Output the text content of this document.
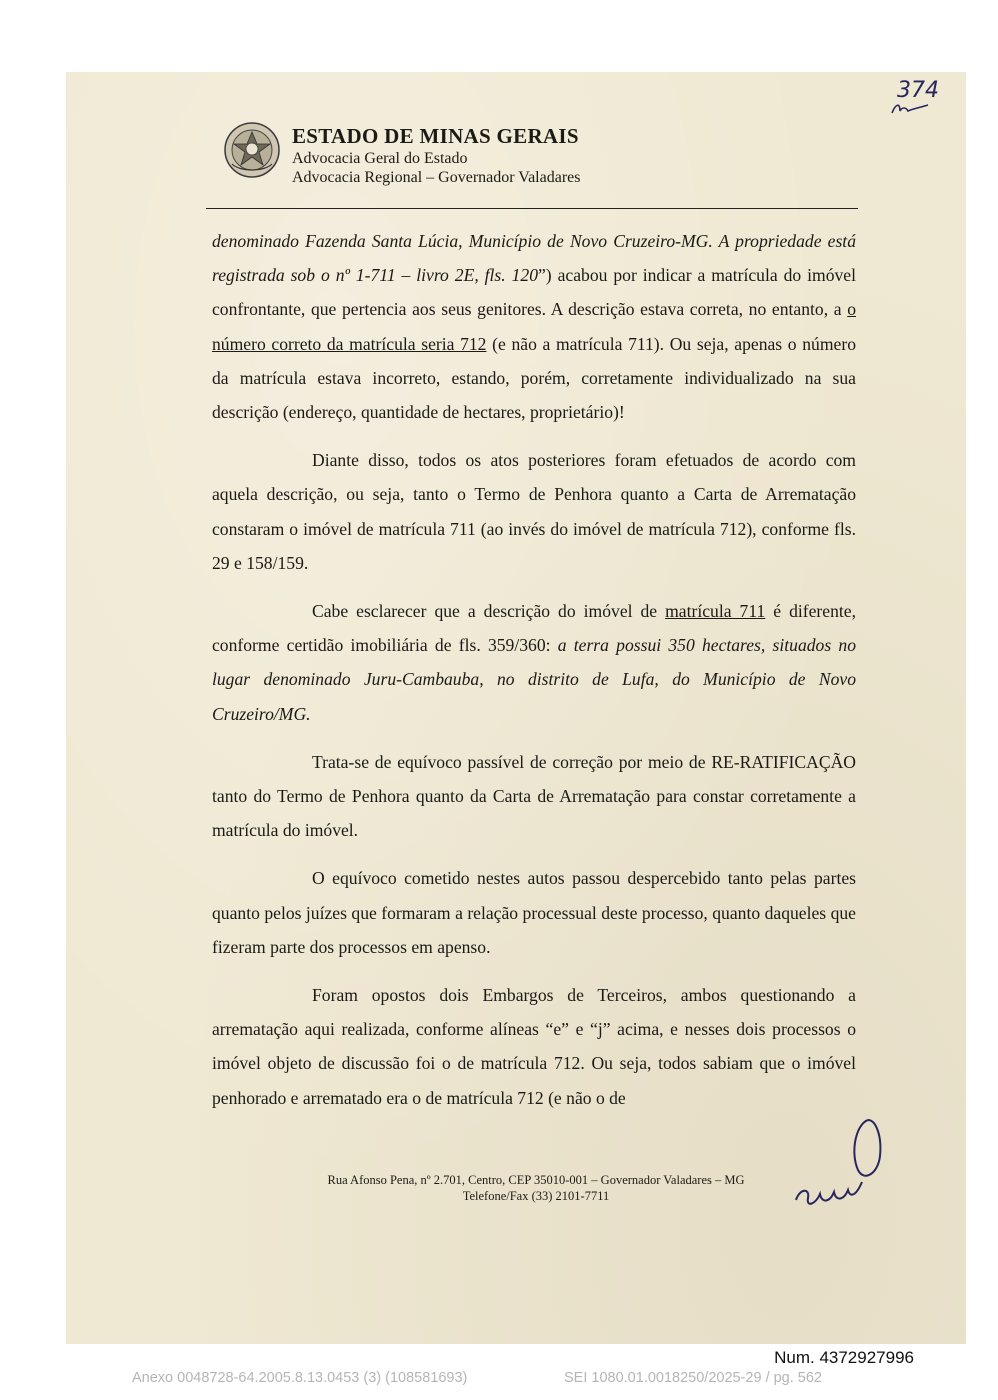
374
ESTADO DE MINAS GERAIS
Advocacia Geral do Estado
Advocacia Regional – Governador Valadares

denominado Fazenda Santa Lúcia, Município de Novo Cruzeiro-MG. A propriedade está registrada sob o nº 1-711 – livro 2E, fls. 120”) acabou por indicar a matrícula do imóvel confrontante, que pertencia aos seus genitores. A descrição estava correta, no entanto, a o número correto da matrícula seria 712 (e não a matrícula 711). Ou seja, apenas o número da matrícula estava incorreto, estando, porém, corretamente individualizado na sua descrição (endereço, quantidade de hectares, proprietário)!

Diante disso, todos os atos posteriores foram efetuados de acordo com aquela descrição, ou seja, tanto o Termo de Penhora quanto a Carta de Arrematação constaram o imóvel de matrícula 711 (ao invés do imóvel de matrícula 712), conforme fls. 29 e 158/159.

Cabe esclarecer que a descrição do imóvel de matrícula 711 é diferente, conforme certidão imobiliária de fls. 359/360: a terra possui 350 hectares, situados no lugar denominado Juru-Cambauba, no distrito de Lufa, do Município de Novo Cruzeiro/MG.

Trata-se de equívoco passível de correção por meio de RE-RATIFICAÇÃO tanto do Termo de Penhora quanto da Carta de Arrematação para constar corretamente a matrícula do imóvel.

O equívoco cometido nestes autos passou despercebido tanto pelas partes quanto pelos juízes que formaram a relação processual deste processo, quanto daqueles que fizeram parte dos processos em apenso.

Foram opostos dois Embargos de Terceiros, ambos questionando a arrematação aqui realizada, conforme alíneas “e” e “j” acima, e nesses dois processos o imóvel objeto de discussão foi o de matrícula 712. Ou seja, todos sabiam que o imóvel penhorado e arrematado era o de matrícula 712 (e não o de

Rua Afonso Pena, nº 2.701, Centro, CEP 35010-001 – Governador Valadares – MG
Telefone/Fax (33) 2101-7711
Num. 4372927996
Anexo 0048728-64.2005.8.13.0453 (3) (108581693)	SEI 1080.01.0018250/2025-29 / pg. 562
